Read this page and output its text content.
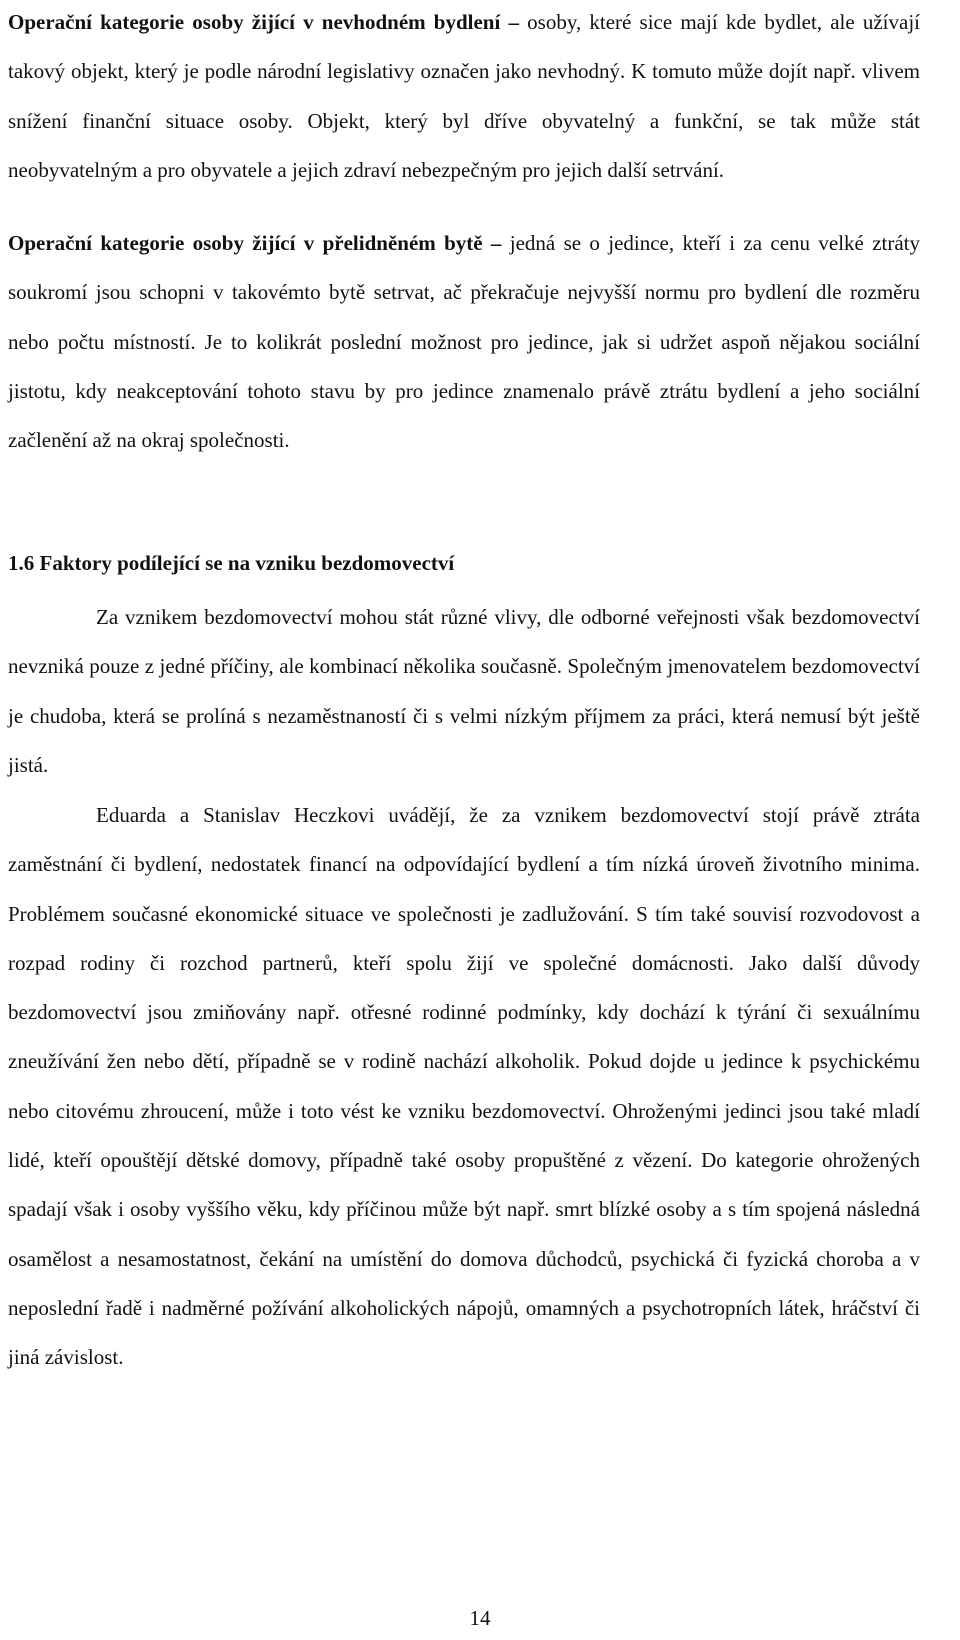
Operační kategorie osoby žijící v nevhodném bydlení – osoby, které sice mají kde bydlet, ale užívají takový objekt, který je podle národní legislativy označen jako nevhodný. K tomuto může dojít např. vlivem snížení finanční situace osoby. Objekt, který byl dříve obyvatelný a funkční, se tak může stát neobyvatelným a pro obyvatele a jejich zdraví nebezpečným pro jejich další setrvání.

Operační kategorie osoby žijící v přelidněném bytě – jedná se o jedince, kteří i za cenu velké ztráty soukromí jsou schopni v takovémto bytě setrvat, ač překračuje nejvyšší normu pro bydlení dle rozměru nebo počtu místností. Je to kolikrát poslední možnost pro jedince, jak si udržet aspoň nějakou sociální jistotu, kdy neakceptování tohoto stavu by pro jedince znamenalo právě ztrátu bydlení a jeho sociální začlenění až na okraj společnosti.

1.6 Faktory podílející se na vzniku bezdomovectví

Za vznikem bezdomovectví mohou stát různé vlivy, dle odborné veřejnosti však bezdomovectví nevzniká pouze z jedné příčiny, ale kombinací několika současně. Společným jmenovatelem bezdomovectví je chudoba, která se prolíná s nezaměstnaností či s velmi nízkým příjmem za práci, která nemusí být ještě jistá.

Eduarda a Stanislav Heczkovi uvádějí, že za vznikem bezdomovectví stojí právě ztráta zaměstnání či bydlení, nedostatek financí na odpovídající bydlení a tím nízká úroveň životního minima. Problémem současné ekonomické situace ve společnosti je zadlužování. S tím také souvisí rozvodovost a rozpad rodiny či rozchod partnerů, kteří spolu žijí ve společné domácnosti. Jako další důvody bezdomovectví jsou zmiňovány např. otřesné rodinné podmínky, kdy dochází k týrání či sexuálnímu zneužívání žen nebo dětí, případně se v rodině nachází alkoholik. Pokud dojde u jedince k psychickému nebo citovému zhroucení, může i toto vést ke vzniku bezdomovectví. Ohroženými jedinci jsou také mladí lidé, kteří opouštějí dětské domovy, případně také osoby propuštěné z vězení. Do kategorie ohrožených spadají však i osoby vyššího věku, kdy příčinou může být např. smrt blízké osoby a s tím spojená následná osamělost a nesamostatnost, čekání na umístění do domova důchodců, psychická či fyzická choroba a v neposlední řadě i nadměrné požívání alkoholických nápojů, omamných a psychotropních látek, hráčství či jiná závislost.

14
